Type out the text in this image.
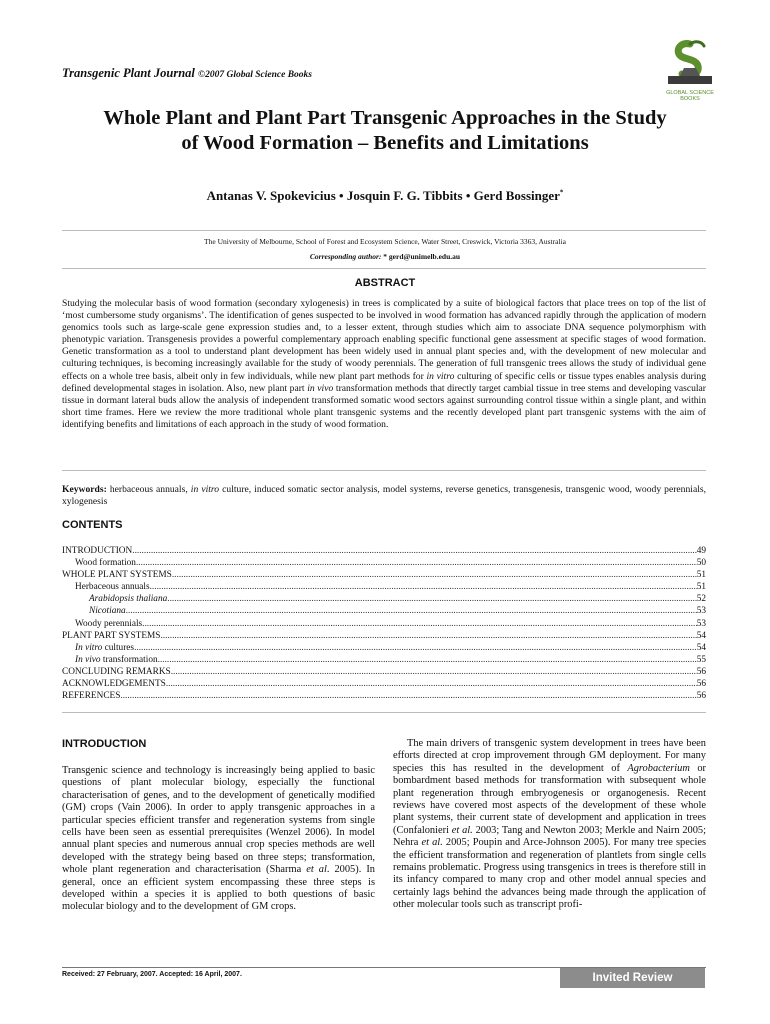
Transgenic Plant Journal ©2007 Global Science Books
GLOBAL SCIENCE
BOOKS
Whole Plant and Plant Part Transgenic Approaches in the Study
of Wood Formation – Benefits and Limitations
Antanas V. Spokevicius • Josquin F. G. Tibbits • Gerd Bossinger*
The University of Melbourne, School of Forest and Ecosystem Science, Water Street, Creswick, Victoria 3363, Australia
Corresponding author: * gerd@unimelb.edu.au
ABSTRACT
Studying the molecular basis of wood formation (secondary xylogenesis) in trees is complicated by a suite of biological factors that place trees on top of the list of ‘most cumbersome study organisms’. The identification of genes suspected to be involved in wood formation has advanced rapidly through the application of modern genomics tools such as large-scale gene expression studies and, to a lesser extent, through studies which aim to associate DNA sequence polymorphism with phenotypic variation. Transgenesis provides a powerful complementary approach enabling specific functional gene assessment at specific stages of wood formation. Genetic transformation as a tool to understand plant development has been widely used in annual plant species and, with the development of new molecular and culturing techniques, is becoming increasingly available for the study of woody perennials. The generation of full transgenic trees allows the study of individual gene effects on a whole tree basis, albeit only in few individuals, while new plant part methods for in vitro culturing of specific cells or tissue types enables analysis during defined developmental stages in isolation. Also, new plant part in vivo transformation methods that directly target cambial tissue in tree stems and developing vascular tissue in dormant lateral buds allow the analysis of independent transformed somatic wood sectors against surrounding control tissue within a single plant, and within short time frames. Here we review the more traditional whole plant transgenic systems and the recently developed plant part transgenic systems with the aim of identifying benefits and limitations of each approach in the study of wood formation.
Keywords: herbaceous annuals, in vitro culture, induced somatic sector analysis, model systems, reverse genetics, transgenesis, transgenic wood, woody perennials, xylogenesis
CONTENTS
INTRODUCTION .....	49
Wood formation .....	50
WHOLE PLANT SYSTEMS .....	51
Herbaceous annuals .....	51
Arabidopsis thaliana .....	52
Nicotiana .....	53
Woody perennials .....	53
PLANT PART SYSTEMS .....	54
In vitro cultures .....	54
In vivo transformation .....	55
CONCLUDING REMARKS .....	56
ACKNOWLEDGEMENTS .....	56
REFERENCES .....	56
INTRODUCTION
Transgenic science and technology is increasingly being applied to basic questions of plant molecular biology, especially the functional characterisation of genes, and to the development of genetically modified (GM) crops (Vain 2006). In order to apply transgenic approaches in a particular species efficient transfer and regeneration systems from single cells have been seen as essential prerequisites (Wenzel 2006). In model annual plant species and numerous annual crop species methods are well developed with the strategy being based on three steps; transformation, whole plant regeneration and characterisation (Sharma et al. 2005). In general, once an efficient system encompassing these three steps is developed within a species it is applied to both questions of basic molecular biology and to the development of GM crops.
The main drivers of transgenic system development in trees have been efforts directed at crop improvement through GM deployment. For many species this has resulted in the development of Agrobacterium or bombardment based methods for transformation with subsequent whole plant regeneration through embryogenesis or organogenesis. Recent reviews have covered most aspects of the development of these whole plant systems, their current state of development and application in trees (Confalonieri et al. 2003; Tang and Newton 2003; Merkle and Nairn 2005; Nehra et al. 2005; Poupin and Arce-Johnson 2005). For many tree species the efficient transformation and regeneration of plantlets from single cells remains problematic. Progress using transgenics in trees is therefore still in its infancy compared to many crop and other model annual species and certainly lags behind the advances being made through the application of other molecular tools such as transcript profi-
Received: 27 February, 2007. Accepted: 16 April, 2007.	Invited Review
